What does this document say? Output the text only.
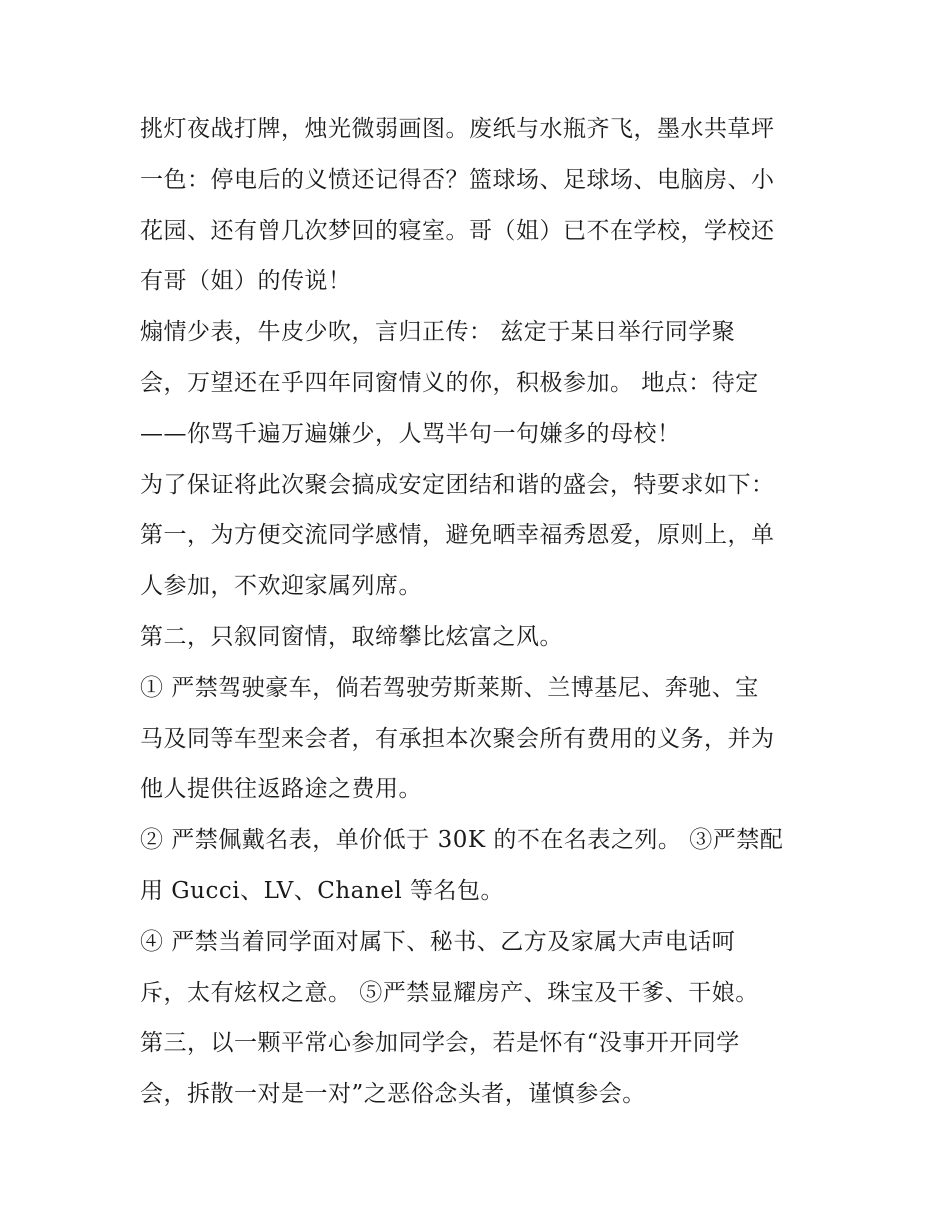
挑灯夜战打牌，烛光微弱画图。废纸与水瓶齐飞，墨水共草坪
一色：停电后的义愤还记得否？篮球场、足球场、电脑房、小
花园、还有曾几次梦回的寝室。哥（姐）已不在学校，学校还
有哥（姐）的传说！
煽情少表，牛皮少吹，言归正传： 兹定于某日举行同学聚
会，万望还在乎四年同窗情义的你，积极参加。 地点：待定
——你骂千遍万遍嫌少，人骂半句一句嫌多的母校！
为了保证将此次聚会搞成安定团结和谐的盛会，特要求如下：
第一，为方便交流同学感情，避免晒幸福秀恩爱，原则上，单
人参加，不欢迎家属列席。
第二，只叙同窗情，取缔攀比炫富之风。
① 严禁驾驶豪车，倘若驾驶劳斯莱斯、兰博基尼、奔驰、宝
马及同等车型来会者，有承担本次聚会所有费用的义务，并为
他人提供往返路途之费用。
② 严禁佩戴名表，单价低于 30K 的不在名表之列。 ③严禁配
用 Gucci、LV、Chanel 等名包。
④ 严禁当着同学面对属下、秘书、乙方及家属大声电话呵
斥，太有炫权之意。 ⑤严禁显耀房产、珠宝及干爹、干娘。
第三，以一颗平常心参加同学会，若是怀有“没事开开同学
会，拆散一对是一对”之恶俗念头者，谨慎参会。
